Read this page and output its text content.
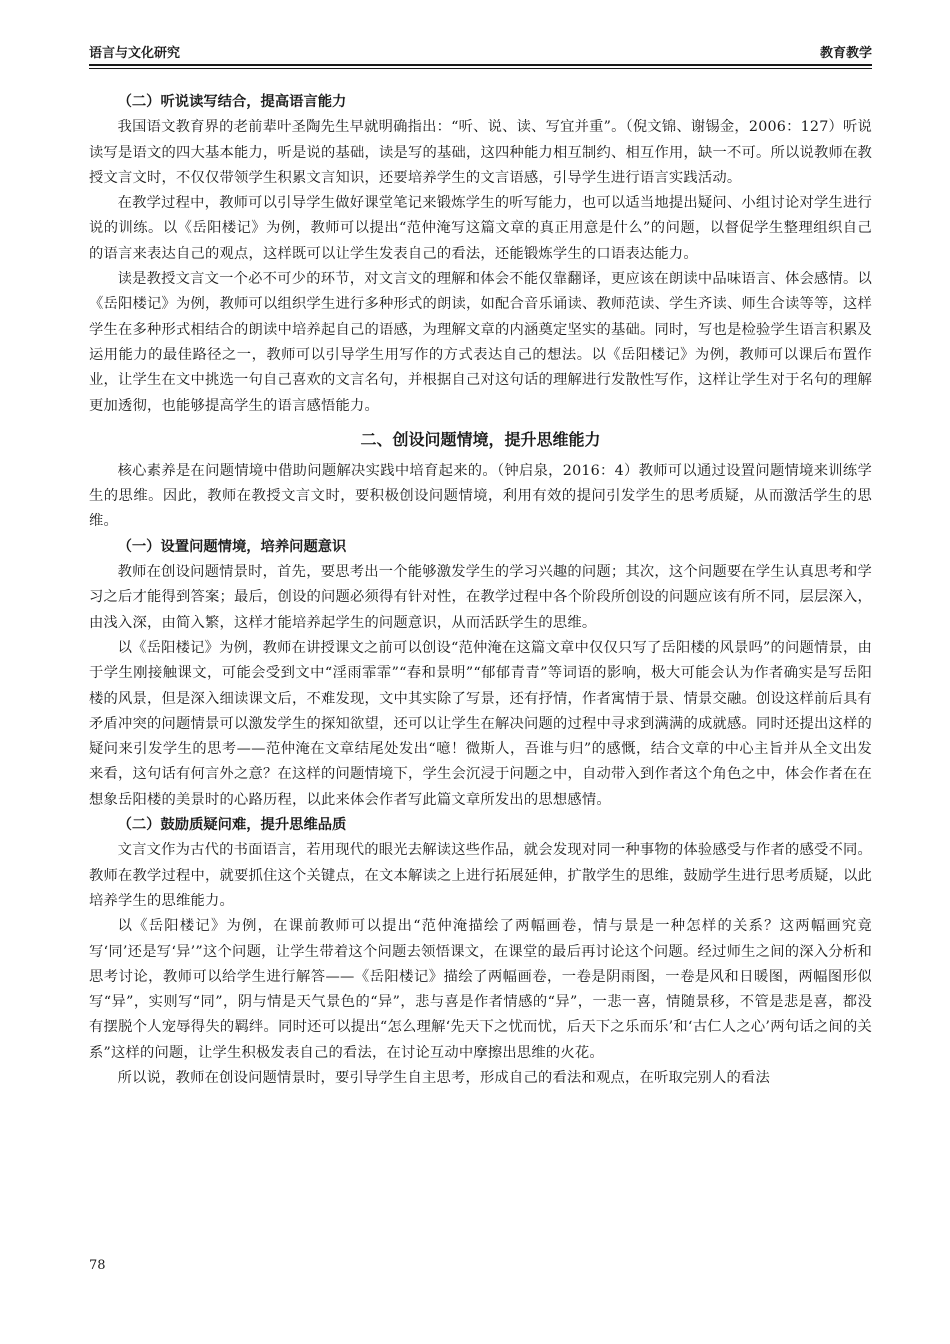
语言与文化研究	教育教学
（二）听说读写结合，提高语言能力

我国语文教育界的老前辈叶圣陶先生早就明确指出：“听、说、读、写宜并重”。（倪文锦、谢锡金，2006：127）听说读写是语文的四大基本能力，听是说的基础，读是写的基础，这四种能力相互制约、相互作用，缺一不可。所以说教师在教授文言文时，不仅仅带领学生积累文言知识，还要培养学生的文言语感，引导学生进行语言实践活动。

在教学过程中，教师可以引导学生做好课堂笔记来锻炼学生的听写能力，也可以适当地提出疑问、小组讨论对学生进行说的训练。以《岳阳楼记》为例，教师可以提出“范仲淹写这篇文章的真正用意是什么”的问题，以督促学生整理组织自己的语言来表达自己的观点，这样既可以让学生发表自己的看法，还能锻炼学生的口语表达能力。

读是教授文言文一个必不可少的环节，对文言文的理解和体会不能仅靠翻译，更应该在朗读中品味语言、体会感情。以《岳阳楼记》为例，教师可以组织学生进行多种形式的朗读，如配合音乐诵读、教师范读、学生齐读、师生合读等等，这样学生在多种形式相结合的朗读中培养起自己的语感，为理解文章的内涵奠定坚实的基础。同时，写也是检验学生语言积累及运用能力的最佳路径之一，教师可以引导学生用写作的方式表达自己的想法。以《岳阳楼记》为例，教师可以课后布置作业，让学生在文中挑选一句自己喜欢的文言名句，并根据自己对这句话的理解进行发散性写作，这样让学生对于名句的理解更加透彻，也能够提高学生的语言感悟能力。

二、创设问题情境，提升思维能力

核心素养是在问题情境中借助问题解决实践中培育起来的。（钟启泉，2016：4）教师可以通过设置问题情境来训练学生的思维。因此，教师在教授文言文时，要积极创设问题情境，利用有效的提问引发学生的思考质疑，从而激活学生的思维。

（一）设置问题情境，培养问题意识

教师在创设问题情景时，首先，要思考出一个能够激发学生的学习兴趣的问题；其次，这个问题要在学生认真思考和学习之后才能得到答案；最后，创设的问题必须得有针对性，在教学过程中各个阶段所创设的问题应该有所不同，层层深入，由浅入深，由简入繁，这样才能培养起学生的问题意识，从而活跃学生的思维。

以《岳阳楼记》为例，教师在讲授课文之前可以创设“范仲淹在这篇文章中仅仅只写了岳阳楼的风景吗”的问题情景，由于学生刚接触课文，可能会受到文中“淫雨霏霏”“春和景明”“郁郁青青”等词语的影响，极大可能会认为作者确实是写岳阳楼的风景，但是深入细读课文后，不难发现，文中其实除了写景，还有抒情，作者寓情于景、情景交融。创设这样前后具有矛盾冲突的问题情景可以激发学生的探知欲望，还可以让学生在解决问题的过程中寻求到满满的成就感。同时还提出这样的疑问来引发学生的思考——范仲淹在文章结尾处发出“噫！微斯人，吾谁与归”的感慨，结合文章的中心主旨并从全文出发来看，这句话有何言外之意？在这样的问题情境下，学生会沉浸于问题之中，自动带入到作者这个角色之中，体会作者在在想象岳阳楼的美景时的心路历程，以此来体会作者写此篇文章所发出的思想感情。

（二）鼓励质疑问难，提升思维品质

文言文作为古代的书面语言，若用现代的眼光去解读这些作品，就会发现对同一种事物的体验感受与作者的感受不同。教师在教学过程中，就要抓住这个关键点，在文本解读之上进行拓展延伸，扩散学生的思维，鼓励学生进行思考质疑，以此培养学生的思维能力。

以《岳阳楼记》为例，在课前教师可以提出“范仲淹描绘了两幅画卷，情与景是一种怎样的关系？这两幅画究竟写‘同’还是写‘异’”这个问题，让学生带着这个问题去领悟课文，在课堂的最后再讨论这个问题。经过师生之间的深入分析和思考讨论，教师可以给学生进行解答——《岳阳楼记》描绘了两幅画卷，一卷是阴雨图，一卷是风和日暖图，两幅图形似写“异”，实则写“同”，阴与情是天气景色的“异”，悲与喜是作者情感的“异”，一悲一喜，情随景移，不管是悲是喜，都没有摆脱个人宠辱得失的羁绊。同时还可以提出“怎么理解‘先天下之忧而忧，后天下之乐而乐’和‘古仁人之心’两句话之间的关系”这样的问题，让学生积极发表自己的看法，在讨论互动中摩擦出思维的火花。

所以说，教师在创设问题情景时，要引导学生自主思考，形成自己的看法和观点，在听取完别人的看法

78
